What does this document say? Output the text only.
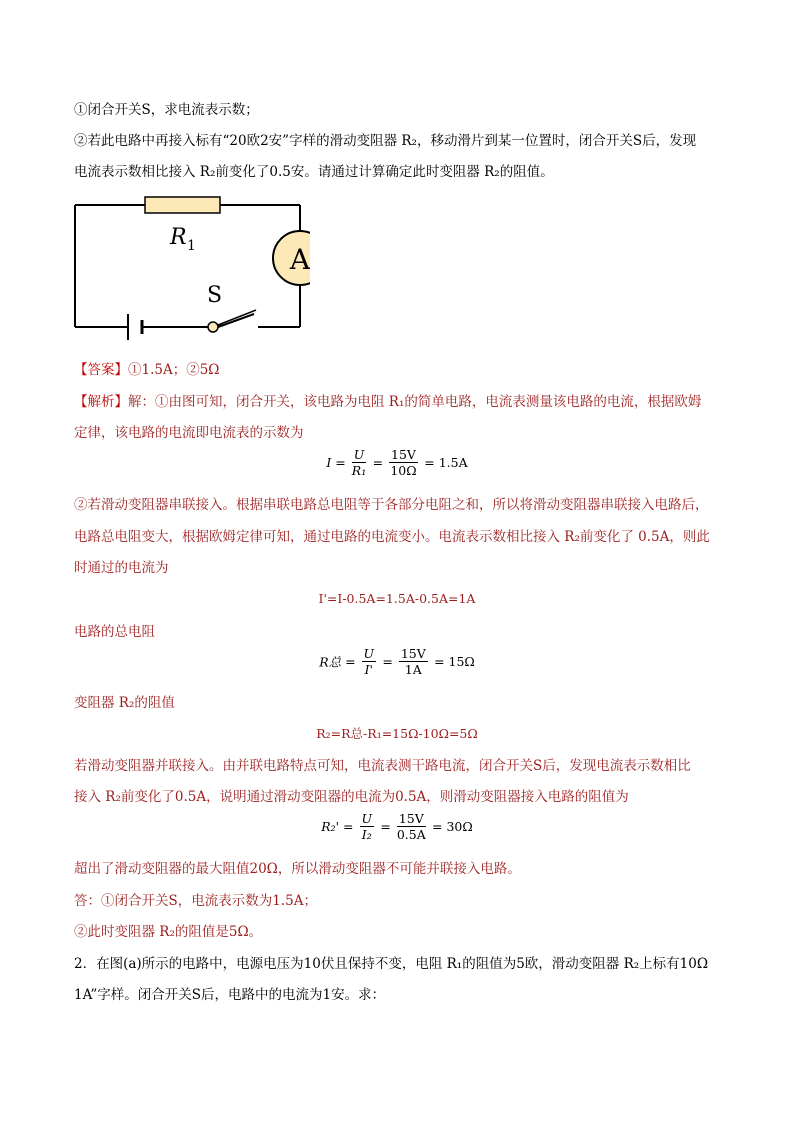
①闭合开关S，求电流表示数；
②若此电路中再接入标有“20欧2安”字样的滑动变阻器 R₂，移动滑片到某一位置时，闭合开关S后，发现
电流表示数相比接入 R₂前变化了0.5安。请通过计算确定此时变阻器 R₂的阻值。
A
R 1
S
【答案】①1.5A；②5Ω
【解析】解：①由图可知，闭合开关，该电路为电阻 R₁的简单电路，电流表测量该电路的电流，根据欧姆
定律，该电路的电流即电流表的示数为
$I = \frac{U}{\text{R₁}} = \frac{15V}{10\Omega} = 1.5A$
②若滑动变阻器串联接入。根据串联电路总电阻等于各部分电阻之和，所以将滑动变阻器串联接入电路后，
电路总电阻变大，根据欧姆定律可知，通过电路的电流变小。电流表示数相比接入 R₂前变化了 0.5A，则此
时通过的电流为
I'=I-0.5A=1.5A-0.5A=1A
电路的总电阻
R总 = $\frac{U}{I'} = \frac{15V}{1A} = 15\Omega$
变阻器 R₂的阻值
R₂=R总-R₁=15Ω-10Ω=5Ω
若滑动变阻器并联接入。由并联电路特点可知，电流表测干路电流，闭合开关S后，发现电流表示数相比
接入 R₂前变化了0.5A，说明通过滑动变阻器的电流为0.5A，则滑动变阻器接入电路的阻值为
$R_2' = \frac{U}{\text{I₂}} = \frac{15V}{0.5A} = 30\Omega$
超出了滑动变阻器的最大阻值20Ω，所以滑动变阻器不可能并联接入电路。
答：①闭合开关S，电流表示数为1.5A；
②此时变阻器 R₂的阻值是5Ω。
2．在图(a)所示的电路中，电源电压为10伏且保持不变，电阻 R₁的阻值为5欧，滑动变阻器 R₂上标有10Ω
1A”字样。闭合开关S后，电路中的电流为1安。求：
